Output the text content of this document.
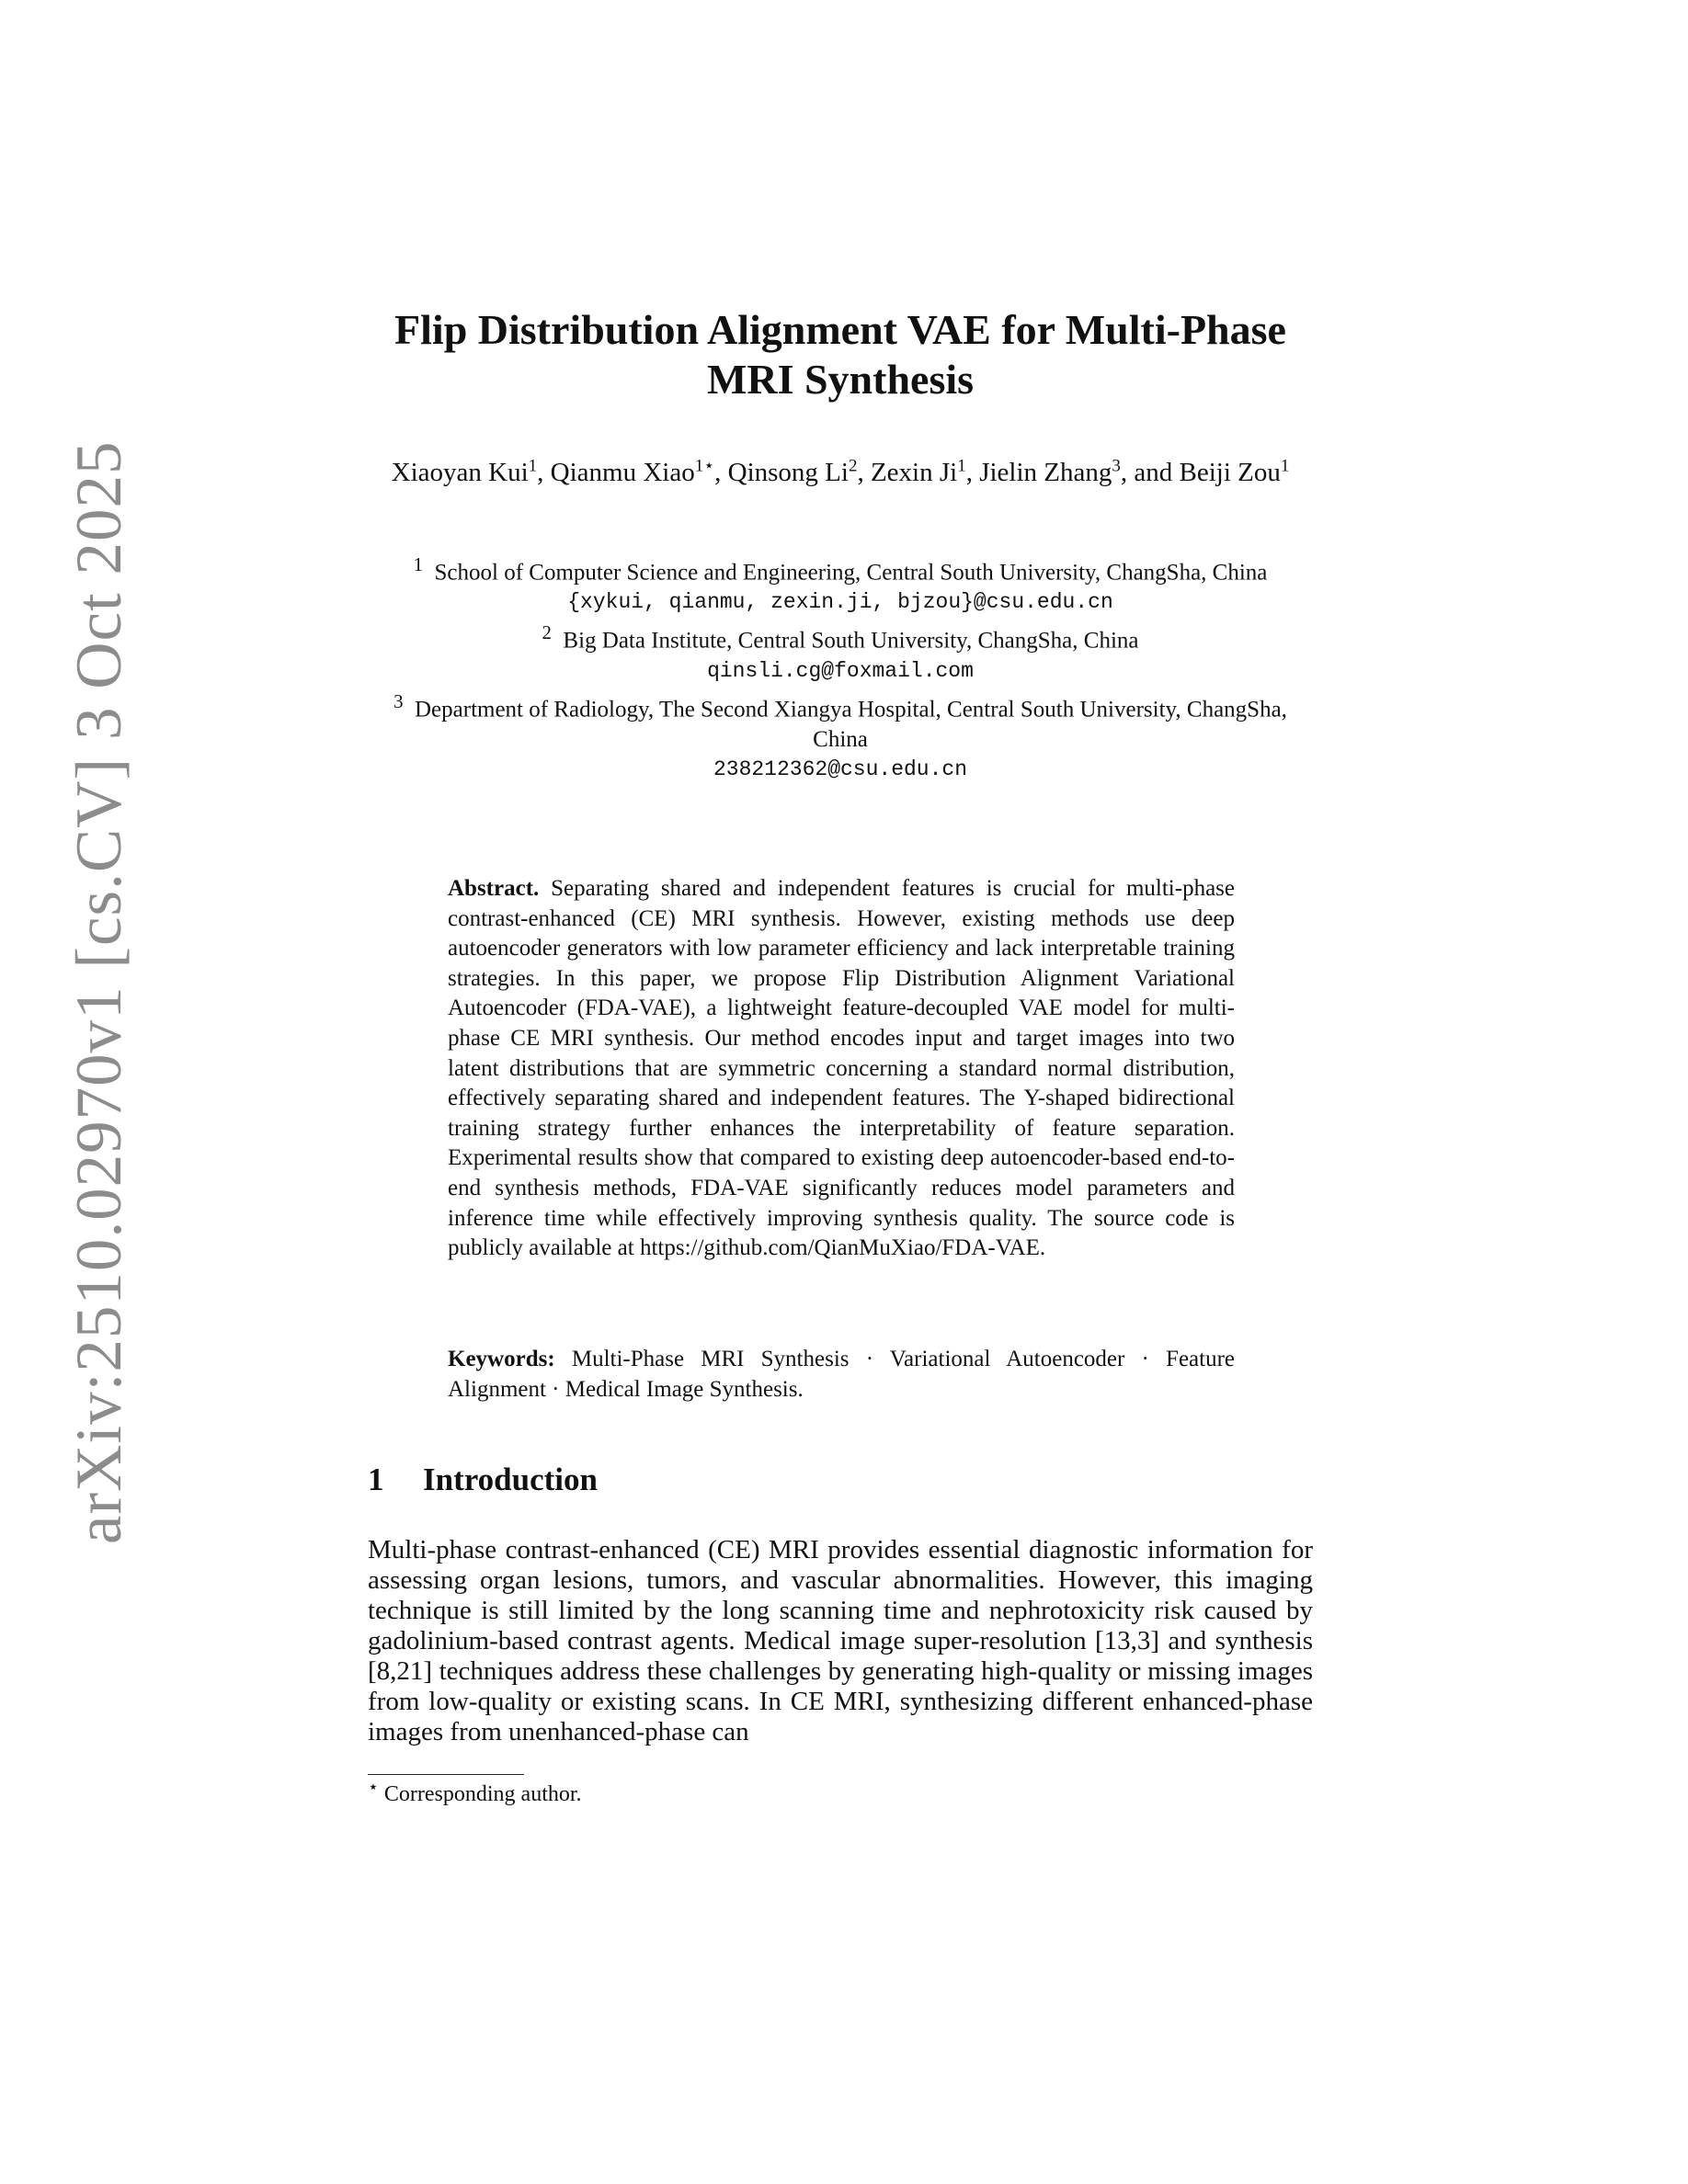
arXiv:2510.02970v1 [cs.CV] 3 Oct 2025
Flip Distribution Alignment VAE for Multi-Phase MRI Synthesis
Xiaoyan Kui$^1$, Qianmu Xiao$^{1⋆}$, Qinsong Li$^2$, Zexin Ji$^1$, Jielin Zhang$^3$, and Beiji Zou$^1$
$^1$  School of Computer Science and Engineering, Central South University, ChangSha, China
{xykui, qianmu, zexin.ji, bjzou}@csu.edu.cn
$^2$  Big Data Institute, Central South University, ChangSha, China
qinsli.cg@foxmail.com
$^3$  Department of Radiology, The Second Xiangya Hospital, Central South University, ChangSha, China
238212362@csu.edu.cn

Abstract. Separating shared and independent features is crucial for multi-phase contrast-enhanced (CE) MRI synthesis. However, existing methods use deep autoencoder generators with low parameter efficiency and lack interpretable training strategies. In this paper, we propose Flip Distribution Alignment Variational Autoencoder (FDA-VAE), a lightweight feature-decoupled VAE model for multi-phase CE MRI synthesis. Our method encodes input and target images into two latent distributions that are symmetric concerning a standard normal distribution, effectively separating shared and independent features. The Y-shaped bidirectional training strategy further enhances the interpretability of feature separation. Experimental results show that compared to existing deep autoencoder-based end-to-end synthesis methods, FDA-VAE significantly reduces model parameters and inference time while effectively improving synthesis quality. The source code is publicly available at https://github.com/QianMuXiao/FDA-VAE.

Keywords: Multi-Phase MRI Synthesis · Variational Autoencoder · Feature Alignment · Medical Image Synthesis.
1 Introduction

Multi-phase contrast-enhanced (CE) MRI provides essential diagnostic information for assessing organ lesions, tumors, and vascular abnormalities. However, this imaging technique is still limited by the long scanning time and nephrotoxicity risk caused by gadolinium-based contrast agents. Medical image super-resolution [13,3] and synthesis [8,21] techniques address these challenges by generating high-quality or missing images from low-quality or existing scans. In CE MRI, synthesizing different enhanced-phase images from unenhanced-phase can

⋆ Corresponding author.
